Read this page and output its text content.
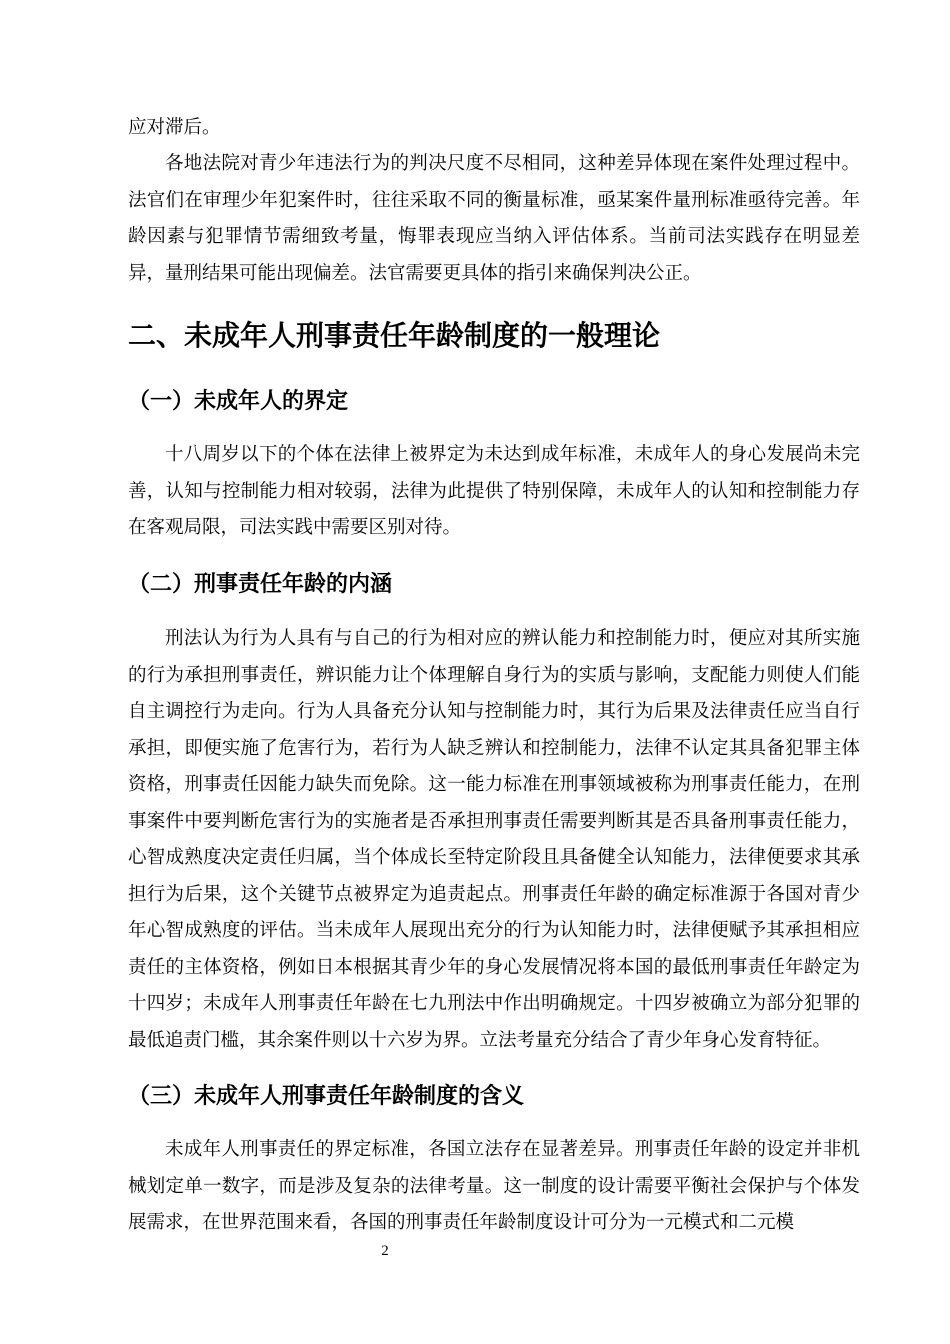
应对滞后。

各地法院对青少年违法行为的判决尺度不尽相同，这种差异体现在案件处理过程中。法官们在审理少年犯案件时，往往采取不同的衡量标准，亟某案件量刑标准亟待完善。年龄因素与犯罪情节需细致考量，悔罪表现应当纳入评估体系。当前司法实践存在明显差异，量刑结果可能出现偏差。法官需要更具体的指引来确保判决公正。

二、未成年人刑事责任年龄制度的一般理论
（一）未成年人的界定

十八周岁以下的个体在法律上被界定为未达到成年标准，未成年人的身心发展尚未完善，认知与控制能力相对较弱，法律为此提供了特别保障，未成年人的认知和控制能力存在客观局限，司法实践中需要区别对待。

（二）刑事责任年龄的内涵

刑法认为行为人具有与自己的行为相对应的辨认能力和控制能力时，便应对其所实施的行为承担刑事责任，辨识能力让个体理解自身行为的实质与影响，支配能力则使人们能自主调控行为走向。行为人具备充分认知与控制能力时，其行为后果及法律责任应当自行承担，即便实施了危害行为，若行为人缺乏辨认和控制能力，法律不认定其具备犯罪主体资格，刑事责任因能力缺失而免除。这一能力标准在刑事领域被称为刑事责任能力，在刑事案件中要判断危害行为的实施者是否承担刑事责任需要判断其是否具备刑事责任能力，心智成熟度决定责任归属，当个体成长至特定阶段且具备健全认知能力，法律便要求其承担行为后果，这个关键节点被界定为追责起点。刑事责任年龄的确定标准源于各国对青少年心智成熟度的评估。当未成年人展现出充分的行为认知能力时，法律便赋予其承担相应责任的主体资格，例如日本根据其青少年的身心发展情况将本国的最低刑事责任年龄定为十四岁；未成年人刑事责任年龄在七九刑法中作出明确规定。十四岁被确立为部分犯罪的最低追责门槛，其余案件则以十六岁为界。立法考量充分结合了青少年身心发育特征。

（三）未成年人刑事责任年龄制度的含义

未成年人刑事责任的界定标准，各国立法存在显著差异。刑事责任年龄的设定并非机械划定单一数字，而是涉及复杂的法律考量。这一制度的设计需要平衡社会保护与个体发展需求，在世界范围来看，各国的刑事责任年龄制度设计可分为一元模式和二元模

2
